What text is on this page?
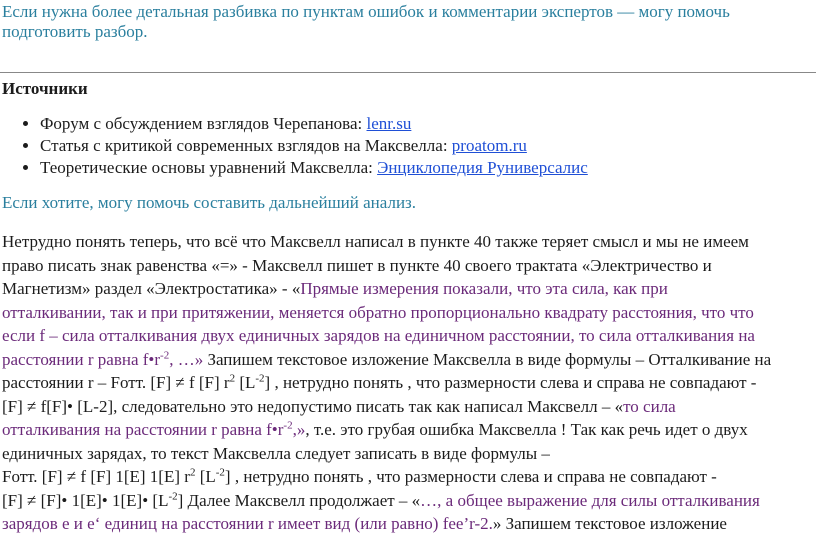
Если нужна более детальная разбивка по пунктам ошибок и комментарии экспертов — могу помочь
подготовить разбор.
Источники
• Форум с обсуждением взглядов Черепанова: lenr.su
• Статья с критикой современных взглядов на Максвелла: proatom.ru
• Теоретические основы уравнений Максвелла: Энциклопедия Руниверсалис
Если хотите, могу помочь составить дальнейший анализ.
Нетрудно понять теперь, что всё что Максвелл написал в пункте 40 также теряет смысл и мы не имеем
право писать знак равенства «=» - Максвелл пишет в пункте 40 своего трактата «Электричество и
Магнетизм» раздел «Электростатика» - «Прямые измерения показали, что эта сила, как при
отталкивании, так и при притяжении, меняется обратно пропорционально квадрату расстояния, что что
если f – сила отталкивания двух единичных зарядов на единичном расстоянии, то сила отталкивания на
расстоянии r равна $f•r^{-2}$, …» Запишем текстовое изложение Максвелла в виде формулы – Отталкивание на
расстоянии r – Fотт. [F] ≠ f [F] $r^2$ $[L^{-2}]$ , нетрудно понять , что размерности слева и справа не совпадают -
[F] ≠ f[F]• [L-2], следовательно это недопустимо писать так как написал Максвелл – «то сила
отталкивания на расстоянии r равна $f•r^{-2}$,», т.е. это грубая ошибка Максвелла ! Так как речь идет о двух
единичных зарядах, то текст Максвелла следует записать в виде формулы –
Fотт. [F] ≠ f [F] 1[E] 1[E] $r^2$ $[L^{-2}]$ , нетрудно понять , что размерности слева и справа не совпадают -
[F] ≠ [F]• 1[E]• 1[E]• $[L^{-2}]$ Далее Максвелл продолжает – «…, а общее выражение для силы отталкивания
зарядов e и e‘ единиц на расстоянии r имеет вид (или равно) fee’r-2.» Запишем текстовое изложение
